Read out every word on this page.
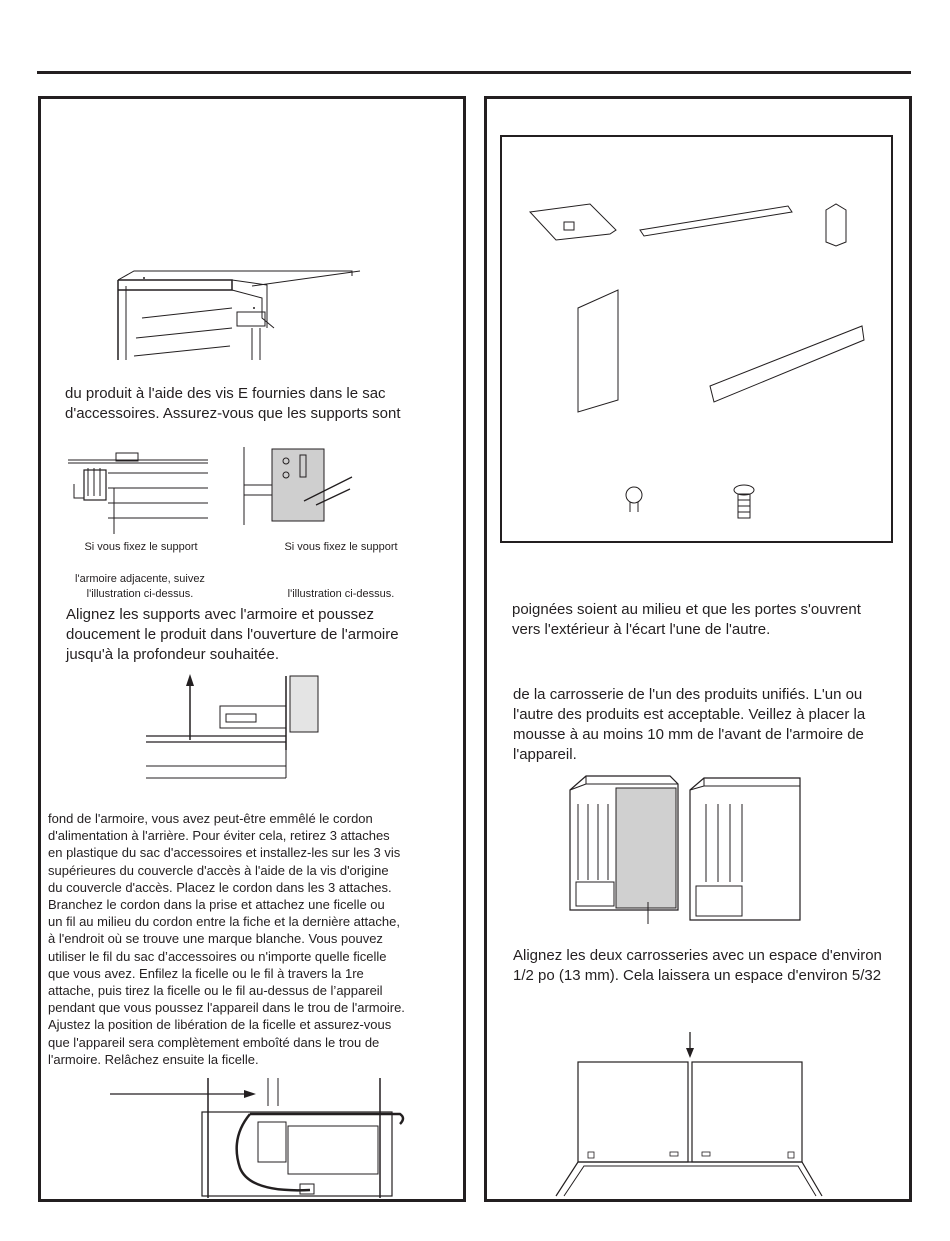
du produit à l'aide des vis E fournies dans le sac
d'accessoires. Assurez-vous que les supports sont
Si vous fixez le support	Si vous fixez le support
l'armoire adjacente, suivez
l'illustration ci-dessus.	l'illustration ci-dessus.
Alignez les supports avec l'armoire et poussez
doucement le produit dans l'ouverture de l'armoire
jusqu'à la profondeur souhaitée.
fond de l'armoire, vous avez peut-être emmêlé le cordon
d'alimentation à l'arrière. Pour éviter cela, retirez 3 attaches
en plastique du sac d'accessoires et installez-les sur les 3 vis
supérieures du couvercle d'accès à l'aide de la vis d'origine
du couvercle d'accès. Placez le cordon dans les 3 attaches.
Branchez le cordon dans la prise et attachez une ficelle ou
un fil au milieu du cordon entre la fiche et la dernière attache,
à l'endroit où se trouve une marque blanche. Vous pouvez
utiliser le fil du sac d’accessoires ou n'importe quelle ficelle
que vous avez. Enfilez la ficelle ou le fil à travers la 1re
attache, puis tirez la ficelle ou le fil au-dessus de l’appareil
pendant que vous poussez l'appareil dans le trou de l'armoire.
Ajustez la position de libération de la ficelle et assurez-vous
que l'appareil sera complètement emboîté dans le trou de
l'armoire. Relâchez ensuite la ficelle.
poignées soient au milieu et que les portes s'ouvrent
vers l'extérieur à l'écart l'une de l'autre.
de la carrosserie de l'un des produits unifiés. L'un ou
l'autre des produits est acceptable. Veillez à placer la
mousse à au moins 10 mm de l'avant de l'armoire de
l'appareil.
Alignez les deux carrosseries avec un espace d'environ
1/2 po (13 mm). Cela laissera un espace d'environ 5/32
